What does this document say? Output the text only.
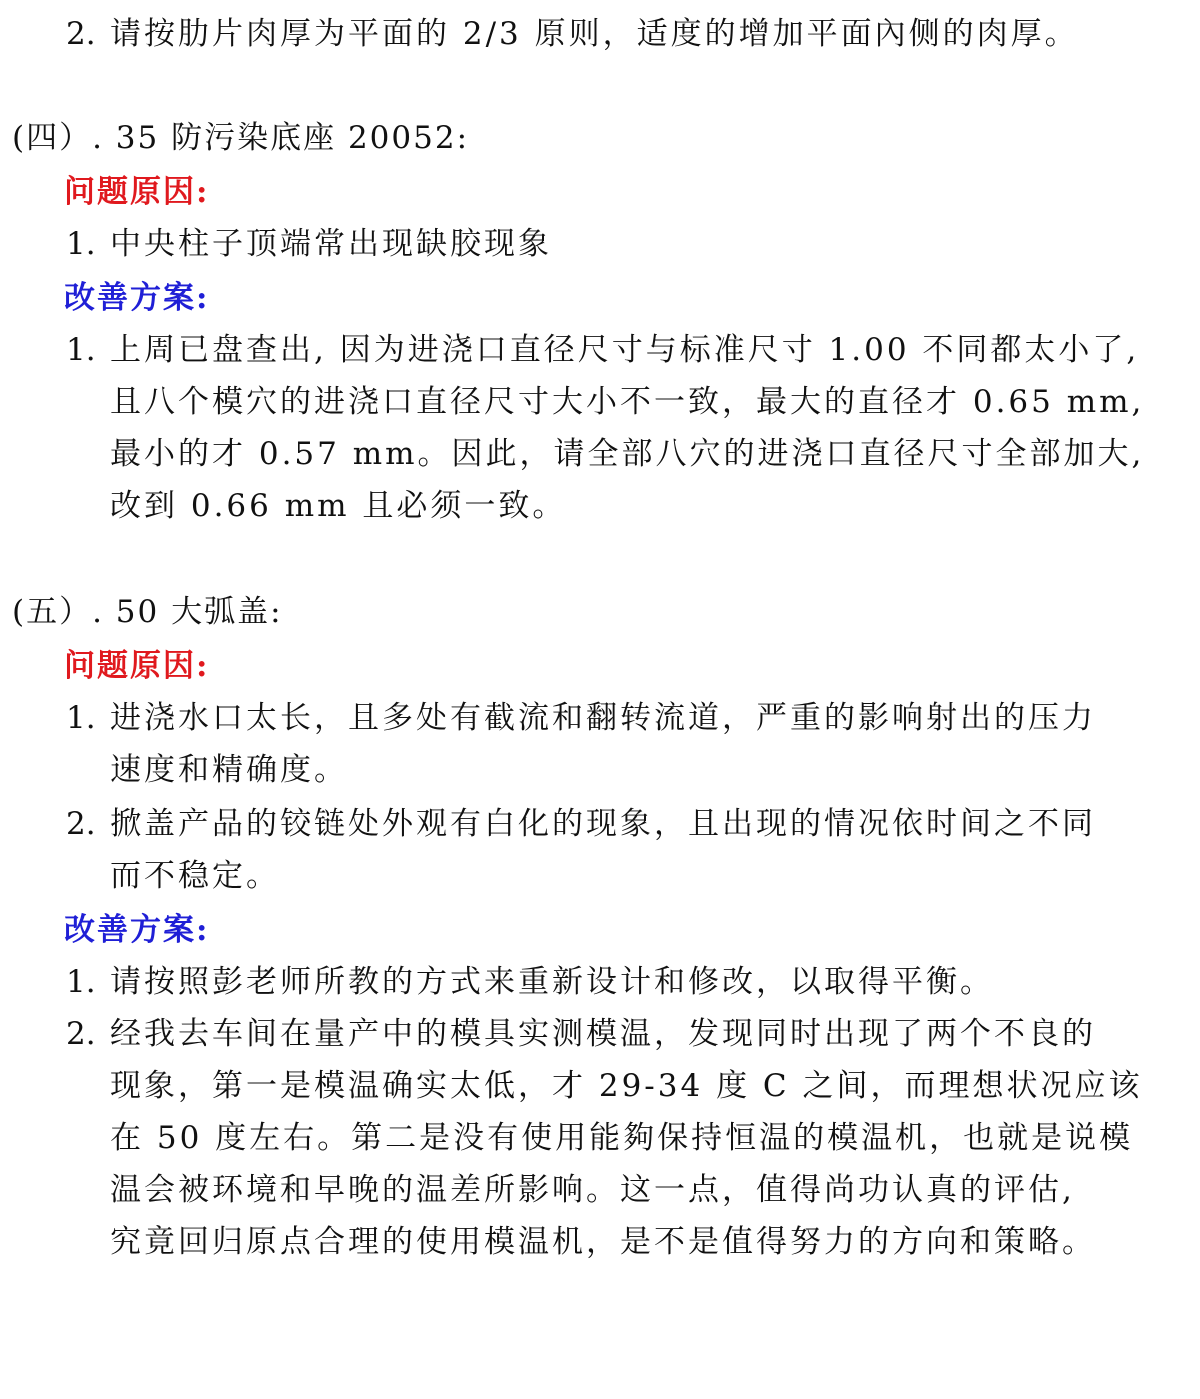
2. 请按肋片肉厚为平面的 2/3 原则，适度的增加平面內侧的肉厚。
(四）. 35 防污染底座 20052:
问题原因:
1. 中央柱子顶端常出现缺胶现象
改善方案:
1. 上周已盘查出, 因为进浇口直径尺寸与标准尺寸 1.00 不同都太小了,
且八个模穴的进浇口直径尺寸大小不一致，最大的直径才 0.65 mm,
最小的才 0.57 mm。因此，请全部八穴的进浇口直径尺寸全部加大,
改到 0.66 mm 且必须一致。
(五）. 50 大弧盖:
问题原因:
1. 进浇水口太长，且多处有截流和翻转流道，严重的影响射出的压力
速度和精确度。
2. 掀盖产品的铰链处外观有白化的现象，且出现的情况依时间之不同
而不稳定。
改善方案:
1. 请按照彭老师所教的方式来重新设计和修改，以取得平衡。
2. 经我去车间在量产中的模具实测模温，发现同时出现了两个不良的
现象，第一是模温确实太低，才 29-34 度 C 之间，而理想状况应该
在 50 度左右。第二是没有使用能夠保持恒温的模温机，也就是说模
温会被环境和早晚的温差所影响。这一点，值得尚功认真的评估,
究竟回归原点合理的使用模温机，是不是值得努力的方向和策略。
